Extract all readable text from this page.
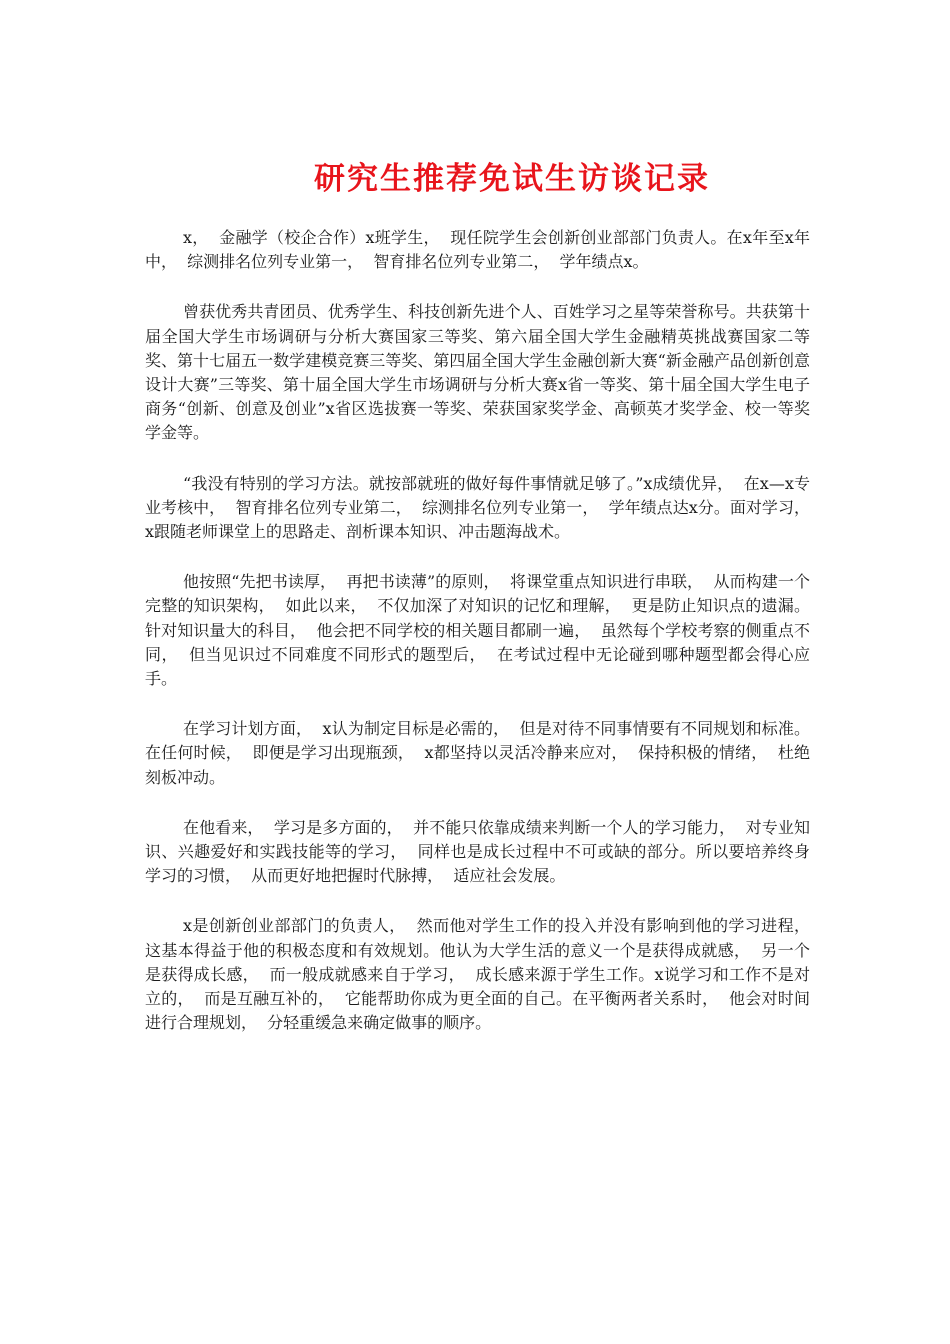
研究生推荐免试生访谈记录

x，  金融学（校企合作）x班学生，  现任院学生会创新创业部部门负责人。在x年至x年中，  综测排名位列专业第一，  智育排名位列专业第二，  学年绩点x。

曾获优秀共青团员、优秀学生、科技创新先进个人、百姓学习之星等荣誉称号。共获第十届全国大学生市场调研与分析大赛国家三等奖、第六届全国大学生金融精英挑战赛国家二等奖、第十七届五一数学建模竞赛三等奖、第四届全国大学生金融创新大赛“新金融产品创新创意设计大赛”三等奖、第十届全国大学生市场调研与分析大赛x省一等奖、第十届全国大学生电子商务“创新、创意及创业”x省区选拔赛一等奖、荣获国家奖学金、高顿英才奖学金、校一等奖学金等。

“我没有特别的学习方法。就按部就班的做好每件事情就足够了。”x成绩优异，  在x—x专业考核中，  智育排名位列专业第二，  综测排名位列专业第一，  学年绩点达x分。面对学习，  x跟随老师课堂上的思路走、剖析课本知识、冲击题海战术。

他按照“先把书读厚，  再把书读薄”的原则，  将课堂重点知识进行串联，  从而构建一个完整的知识架构，  如此以来，  不仅加深了对知识的记忆和理解，  更是防止知识点的遗漏。针对知识量大的科目，  他会把不同学校的相关题目都刷一遍，  虽然每个学校考察的侧重点不同，  但当见识过不同难度不同形式的题型后，  在考试过程中无论碰到哪种题型都会得心应手。

在学习计划方面，  x认为制定目标是必需的，  但是对待不同事情要有不同规划和标准。在任何时候，  即便是学习出现瓶颈，  x都坚持以灵活冷静来应对，  保持积极的情绪，  杜绝刻板冲动。

在他看来，  学习是多方面的，  并不能只依靠成绩来判断一个人的学习能力，  对专业知识、兴趣爱好和实践技能等的学习，  同样也是成长过程中不可或缺的部分。所以要培养终身学习的习惯，  从而更好地把握时代脉搏，  适应社会发展。

x是创新创业部部门的负责人，  然而他对学生工作的投入并没有影响到他的学习进程，  这基本得益于他的积极态度和有效规划。他认为大学生活的意义一个是获得成就感，  另一个是获得成长感，  而一般成就感来自于学习，  成长感来源于学生工作。x说学习和工作不是对立的，  而是互融互补的，  它能帮助你成为更全面的自己。在平衡两者关系时，  他会对时间进行合理规划，  分轻重缓急来确定做事的顺序。
